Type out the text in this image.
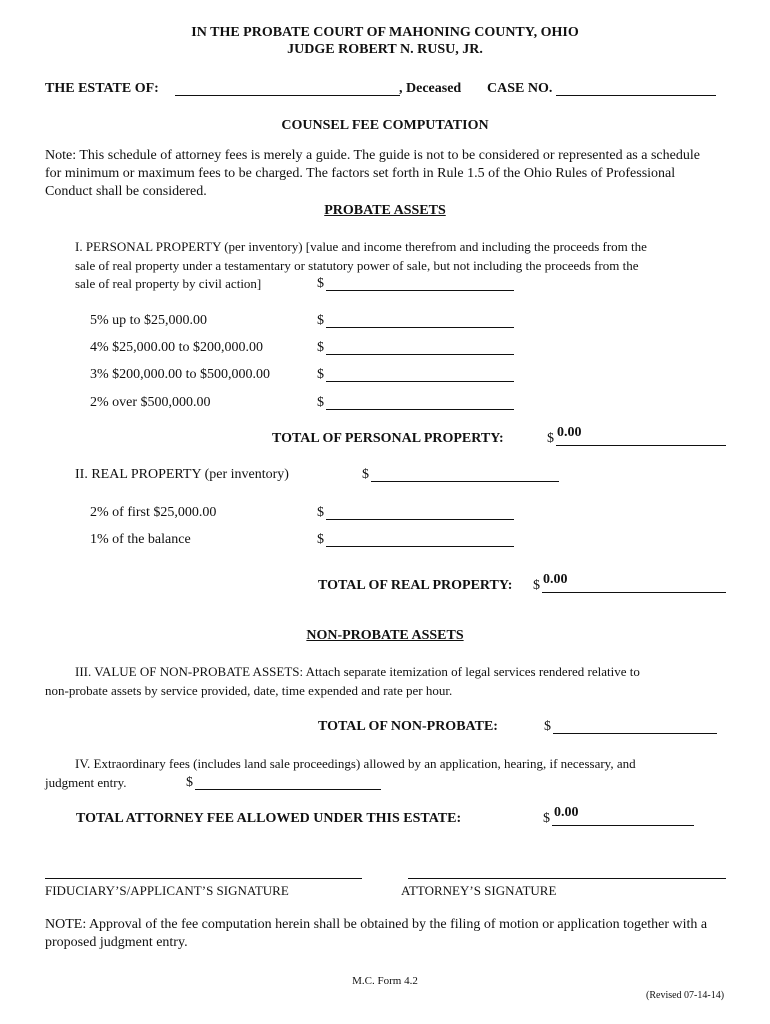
IN THE PROBATE COURT OF MAHONING COUNTY, OHIO
JUDGE ROBERT N. RUSU, JR.
THE ESTATE OF:	, Deceased CASE NO.
COUNSEL FEE COMPUTATION
Note: This schedule of attorney fees is merely a guide. The guide is not to be considered or represented as a schedule for minimum or maximum fees to be charged. The factors set forth in Rule 1.5 of the Ohio Rules of Professional Conduct shall be considered.
PROBATE ASSETS
I. PERSONAL PROPERTY (per inventory) [value and income therefrom and including the proceeds from the
sale of real property under a testamentary or statutory power of sale, but not including the proceeds from the
sale of real property by civil action]	$
5% up to $25,000.00	$
4% $25,000.00 to $200,000.00	$
3% $200,000.00 to $500,000.00	$
2% over $500,000.00	$
TOTAL OF PERSONAL PROPERTY:	$ 0.00
II. REAL PROPERTY (per inventory)	$
2% of first $25,000.00	$
1% of the balance	$
TOTAL OF REAL PROPERTY: $ 0.00
NON-PROBATE ASSETS
III. VALUE OF NON-PROBATE ASSETS: Attach separate itemization of legal services rendered relative to
non-probate assets by service provided, date, time expended and rate per hour.
TOTAL OF NON-PROBATE:	$
IV. Extraordinary fees (includes land sale proceedings) allowed by an application, hearing, if necessary, and
judgment entry.	$
TOTAL ATTORNEY FEE ALLOWED UNDER THIS ESTATE:	$ 0.00
FIDUCIARY’S/APPLICANT’S SIGNATURE	ATTORNEY’S SIGNATURE
NOTE: Approval of the fee computation herein shall be obtained by the filing of motion or application together with a proposed judgment entry.
M.C. Form 4.2
(Revised 07-14-14)
